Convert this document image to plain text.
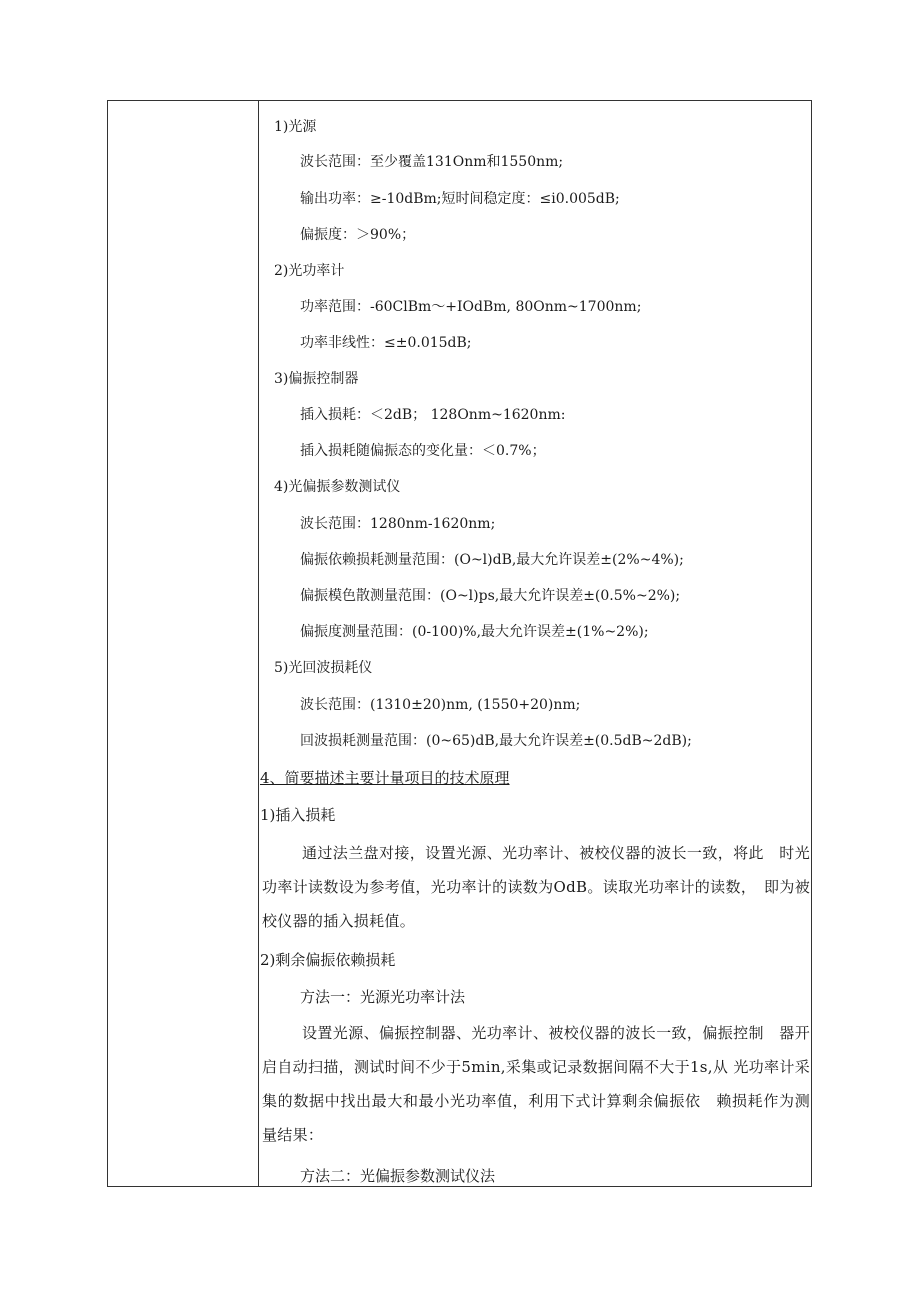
1)光源
波长范围：至少覆盖131Onm和1550nm;
输出功率：≥-10dBm;短时间稳定度：≤i0.005dB;
偏振度：＞90%；
2)光功率计
功率范围：-60ClBm～+IOdBm, 80Onm~1700nm;
功率非线性：≤±0.015dB;
3)偏振控制器
插入损耗：＜2dB； 128Onm~1620nm:
插入损耗随偏振态的变化量：＜0.7%；
4)光偏振参数测试仪
波长范围：1280nm-1620nm;
偏振依赖损耗测量范围：(O~l)dB,最大允许误差±(2%~4%);
偏振模色散测量范围：(O~l)ps,最大允许误差±(0.5%~2%);
偏振度测量范围：(0-100)%,最大允许误差±(1%~2%);
5)光回波损耗仪
波长范围：(1310±20)nm, (1550+20)nm;
回波损耗测量范围：(0~65)dB,最大允许误差±(0.5dB~2dB);
4、简要描述主要计量项目的技术原理
1)插入损耗
通过法兰盘对接，设置光源、光功率计、被校仪器的波长一致，将此　时光功率计读数设为参考值，光功率计的读数为OdB。读取光功率计的读数，　即为被校仪器的插入损耗值。
2)剩余偏振依赖损耗
方法一：光源光功率计法
设置光源、偏振控制器、光功率计、被校仪器的波长一致，偏振控制　器开启自动扫描，测试时间不少于5min,采集或记录数据间隔不大于1s,从 光功率计采集的数据中找出最大和最小光功率值，利用下式计算剩余偏振依　赖损耗作为测量结果：
方法二：光偏振参数测试仪法
